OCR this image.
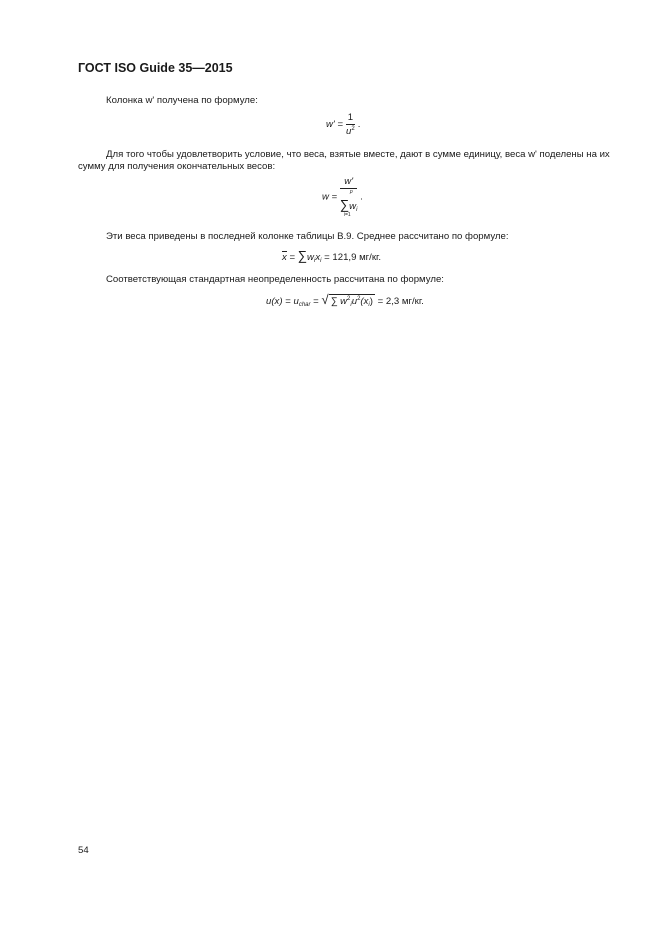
ГОСТ ISO Guide 35—2015
Колонка w' получена по формуле:
$w' = \frac{1}{u^2}$ .
Для того чтобы удовлетворить условие, что веса, взятые вместе, дают в сумме единицу, веса w' поделены на их сумму для получения окончательных весов:
w = w'
p
$\sum w_i$
i=1 .
Эти веса приведены в последней колонке таблицы В.9. Среднее рассчитано по формуле:
$x = \sum w_ix_i = 121,9$ мг/кг.
Соответствующая стандартная неопределенность рассчитана по формуле:
$u(x) = u_{char}$ = √ ∑ $w^2_iu^2(x_i) = 2,3$ мг/кг.
54
